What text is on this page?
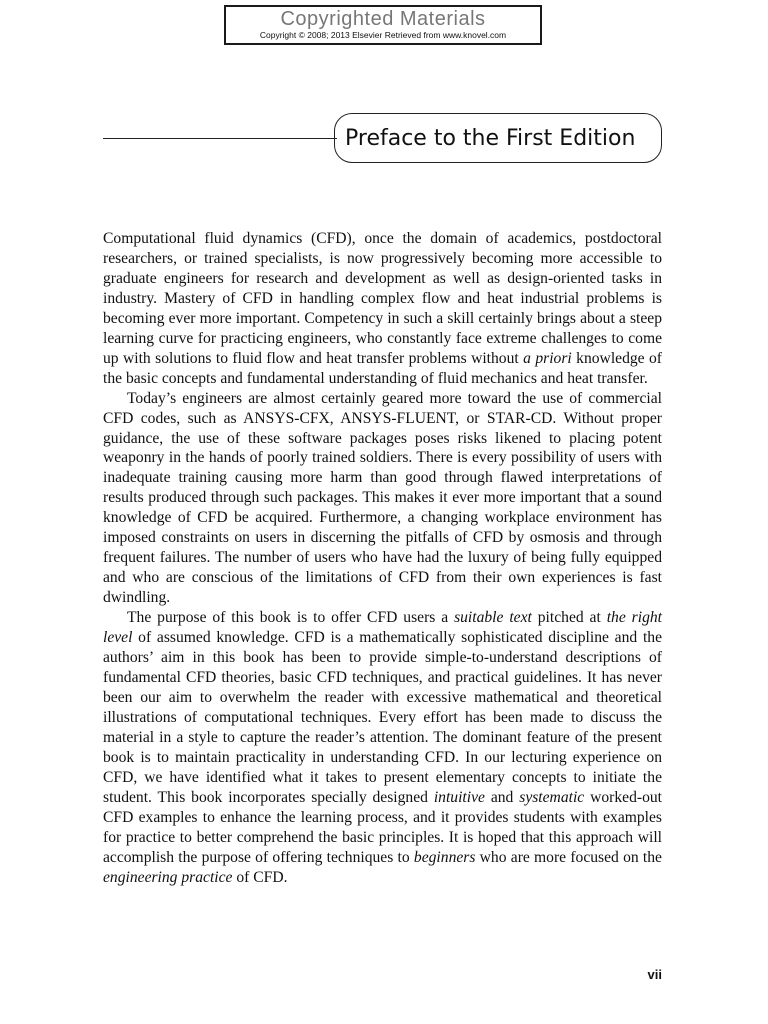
Copyrighted Materials
Copyright © 2008; 2013 Elsevier Retrieved from www.knovel.com
Preface to the First Edition

Computational fluid dynamics (CFD), once the domain of academics, postdoctoral researchers, or trained specialists, is now progressively becoming more accessible to graduate engineers for research and development as well as design-oriented tasks in industry. Mastery of CFD in handling complex flow and heat industrial problems is becoming ever more important. Competency in such a skill certainly brings about a steep learning curve for practicing engineers, who constantly face extreme challenges to come up with solutions to fluid flow and heat transfer problems without a priori knowledge of the basic concepts and fundamental understanding of fluid mechanics and heat transfer.

Today’s engineers are almost certainly geared more toward the use of commercial CFD codes, such as ANSYS-CFX, ANSYS-FLUENT, or STAR-CD. Without proper guidance, the use of these software packages poses risks likened to placing potent weaponry in the hands of poorly trained soldiers. There is every possibility of users with inadequate training causing more harm than good through flawed interpretations of results produced through such packages. This makes it ever more important that a sound knowledge of CFD be acquired. Furthermore, a changing workplace environment has imposed constraints on users in discerning the pitfalls of CFD by osmosis and through frequent failures. The number of users who have had the luxury of being fully equipped and who are conscious of the limitations of CFD from their own experiences is fast dwindling.

The purpose of this book is to offer CFD users a suitable text pitched at the right level of assumed knowledge. CFD is a mathematically sophisticated discipline and the authors’ aim in this book has been to provide simple-to-understand descriptions of fundamental CFD theories, basic CFD techniques, and practical guidelines. It has never been our aim to overwhelm the reader with excessive mathematical and theoretical illustrations of computational techniques. Every effort has been made to discuss the material in a style to capture the reader’s attention. The dominant feature of the present book is to maintain practicality in understanding CFD. In our lecturing experience on CFD, we have identified what it takes to present elementary concepts to initiate the student. This book incorporates specially designed intuitive and systematic worked-out CFD examples to enhance the learning process, and it provides students with examples for practice to better comprehend the basic principles. It is hoped that this approach will accomplish the purpose of offering techniques to beginners who are more focused on the engineering practice of CFD.

vii
